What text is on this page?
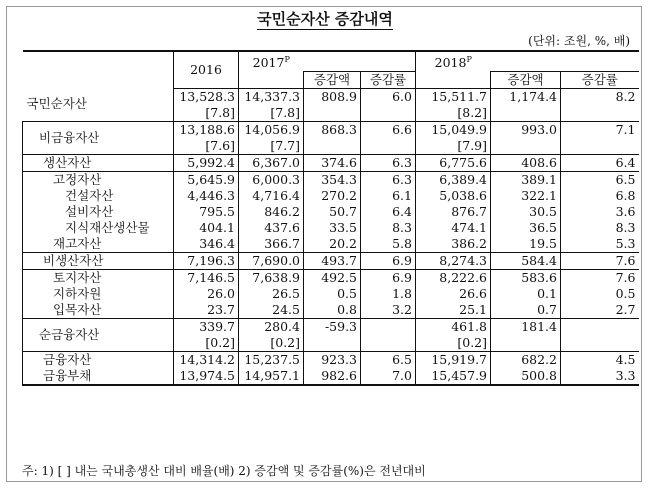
국민순자산 증감내역
(단위: 조원, %, 배)
	2016	$2017^P$			$2018^P$		
			증감액	증감률		증감액	증감률
국민순자산	13,528.3	14,337.3	808.9	6.0	15,511.7	1,174.4	8.2
	[7.8]	[7.8]			[8.2]		
비금융자산	13,188.6	14,056.9	868.3	6.6	15,049.9	993.0	7.1
	[7.6]	[7.7]			[7.9]		
생산자산	5,992.4	6,367.0	374.6	6.3	6,775.6	408.6	6.4
고정자산	5,645.9	6,000.3	354.3	6.3	6,389.4	389.1	6.5
건설자산	4,446.3	4,716.4	270.2	6.1	5,038.6	322.1	6.8
설비자산	795.5	846.2	50.7	6.4	876.7	30.5	3.6
지식재산생산물	404.1	437.6	33.5	8.3	474.1	36.5	8.3
재고자산	346.4	366.7	20.2	5.8	386.2	19.5	5.3
비생산자산	7,196.3	7,690.0	493.7	6.9	8,274.3	584.4	7.6
토지자산	7,146.5	7,638.9	492.5	6.9	8,222.6	583.6	7.6
지하자원	26.0	26.5	0.5	1.8	26.6	0.1	0.5
입목자산	23.7	24.5	0.8	3.2	25.1	0.7	2.7
순금융자산	339.7	280.4	-59.3		461.8	181.4	
	[0.2]	[0.2]			[0.2]		
금융자산	14,314.2	15,237.5	923.3	6.5	15,919.7	682.2	4.5
금융부채	13,974.5	14,957.1	982.6	7.0	15,457.9	500.8	3.3
주: 1) [ ] 내는 국내총생산 대비 배율(배) 2) 증감액 및 증감률(%)은 전년대비
